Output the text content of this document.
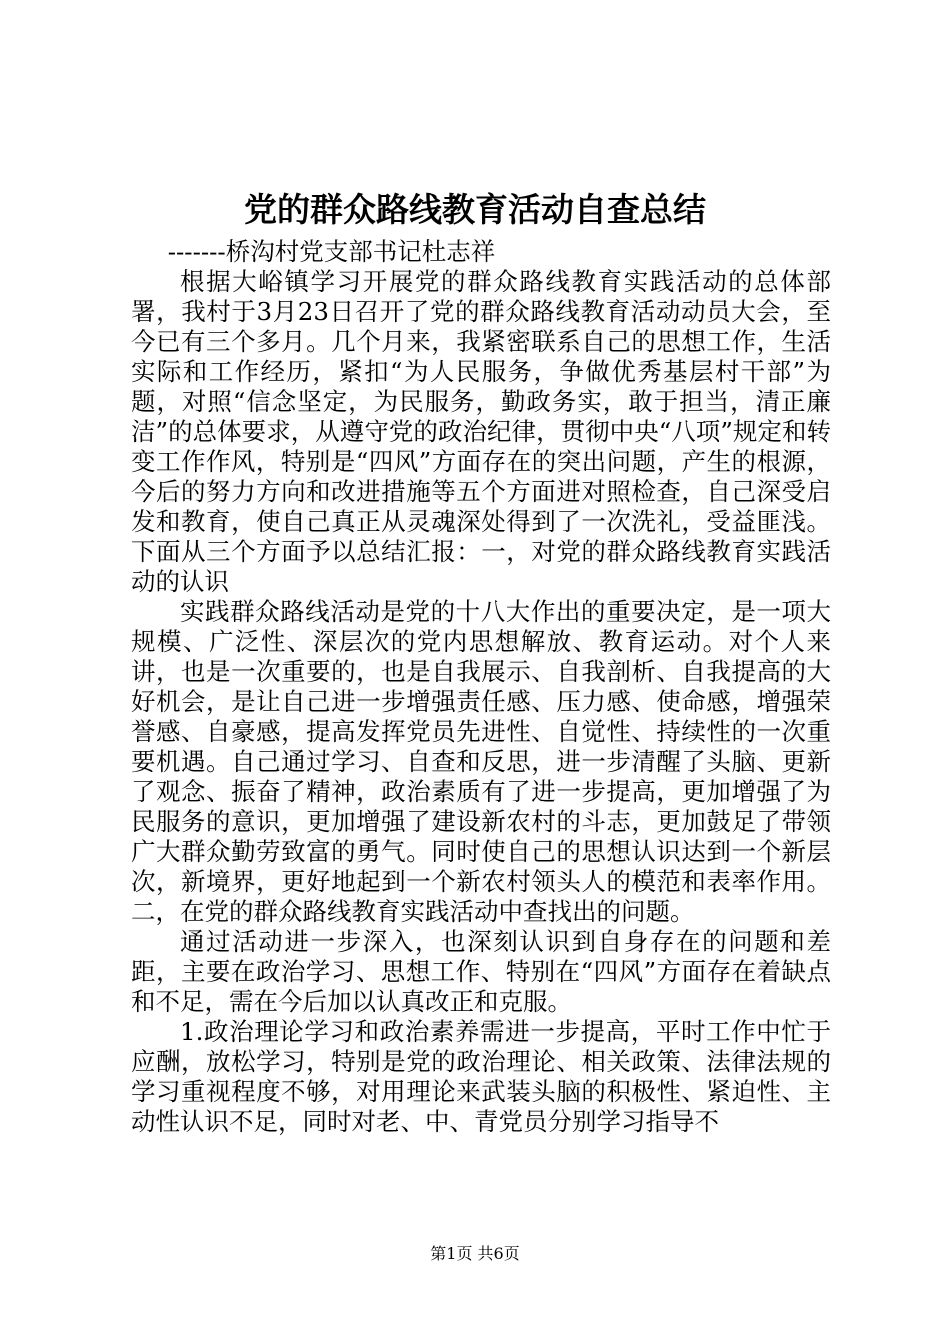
党的群众路线教育活动自查总结

-------桥沟村党支部书记杜志祥

根据大峪镇学习开展党的群众路线教育实践活动的总体部署，我村于3月23日召开了党的群众路线教育活动动员大会，至今已有三个多月。几个月来，我紧密联系自己的思想工作，生活实际和工作经历，紧扣“为人民服务，争做优秀基层村干部”为题，对照“信念坚定，为民服务，勤政务实，敢于担当，清正廉洁”的总体要求，从遵守党的政治纪律，贯彻中央“八项”规定和转变工作作风，特别是“四风”方面存在的突出问题，产生的根源，今后的努力方向和改进措施等五个方面进对照检查，自己深受启发和教育，使自己真正从灵魂深处得到了一次洗礼，受益匪浅。下面从三个方面予以总结汇报：一，对党的群众路线教育实践活动的认识

实践群众路线活动是党的十八大作出的重要决定，是一项大规模、广泛性、深层次的党内思想解放、教育运动。对个人来讲，也是一次重要的，也是自我展示、自我剖析、自我提高的大好机会，是让自己进一步增强责任感、压力感、使命感，增强荣誉感、自豪感，提高发挥党员先进性、自觉性、持续性的一次重要机遇。自己通过学习、自查和反思，进一步清醒了头脑、更新了观念、振奋了精神，政治素质有了进一步提高，更加增强了为民服务的意识，更加增强了建设新农村的斗志，更加鼓足了带领广大群众勤劳致富的勇气。同时使自己的思想认识达到一个新层次，新境界，更好地起到一个新农村领头人的模范和表率作用。二，在党的群众路线教育实践活动中查找出的问题。

通过活动进一步深入，也深刻认识到自身存在的问题和差距，主要在政治学习、思想工作、特别在“四风”方面存在着缺点和不足，需在今后加以认真改正和克服。

1.政治理论学习和政治素养需进一步提高，平时工作中忙于应酬，放松学习，特别是党的政治理论、相关政策、法律法规的学习重视程度不够，对用理论来武装头脑的积极性、紧迫性、主动性认识不足，同时对老、中、青党员分别学习指导不

第1页 共6页
